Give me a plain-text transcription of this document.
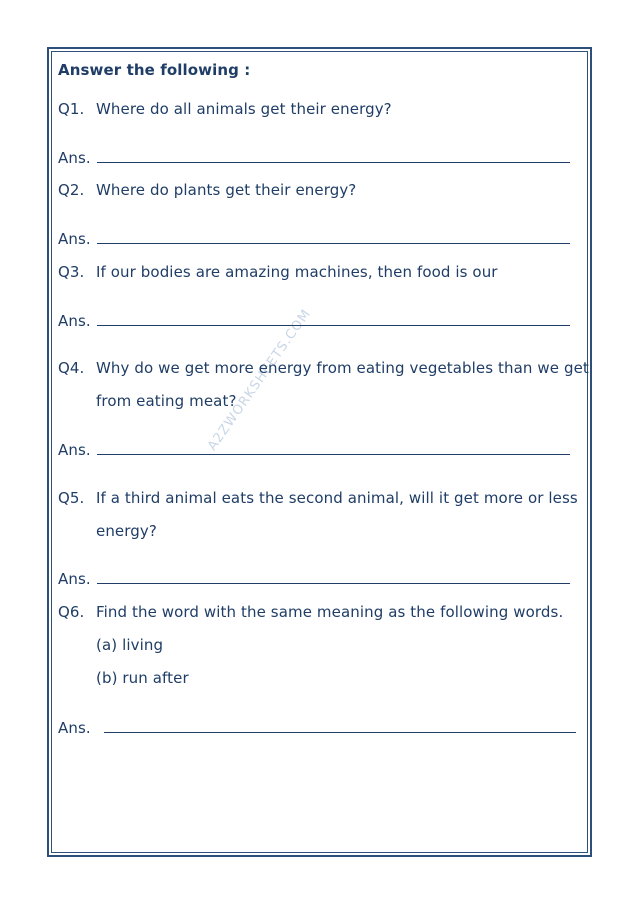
A2ZWORKSHEETS.COM
Answer the following :
Q1. Where do all animals get their energy?
Ans.
Q2. Where do plants get their energy?
Ans.
Q3. If our bodies are amazing machines, then food is our
Ans.
Q4. Why do we get more energy from eating vegetables than we get
from eating meat?
Ans.
Q5. If a third animal eats the second animal, will it get more or less
energy?
Ans.
Q6. Find the word with the same meaning as the following words.
(a) living
(b) run after
Ans.
